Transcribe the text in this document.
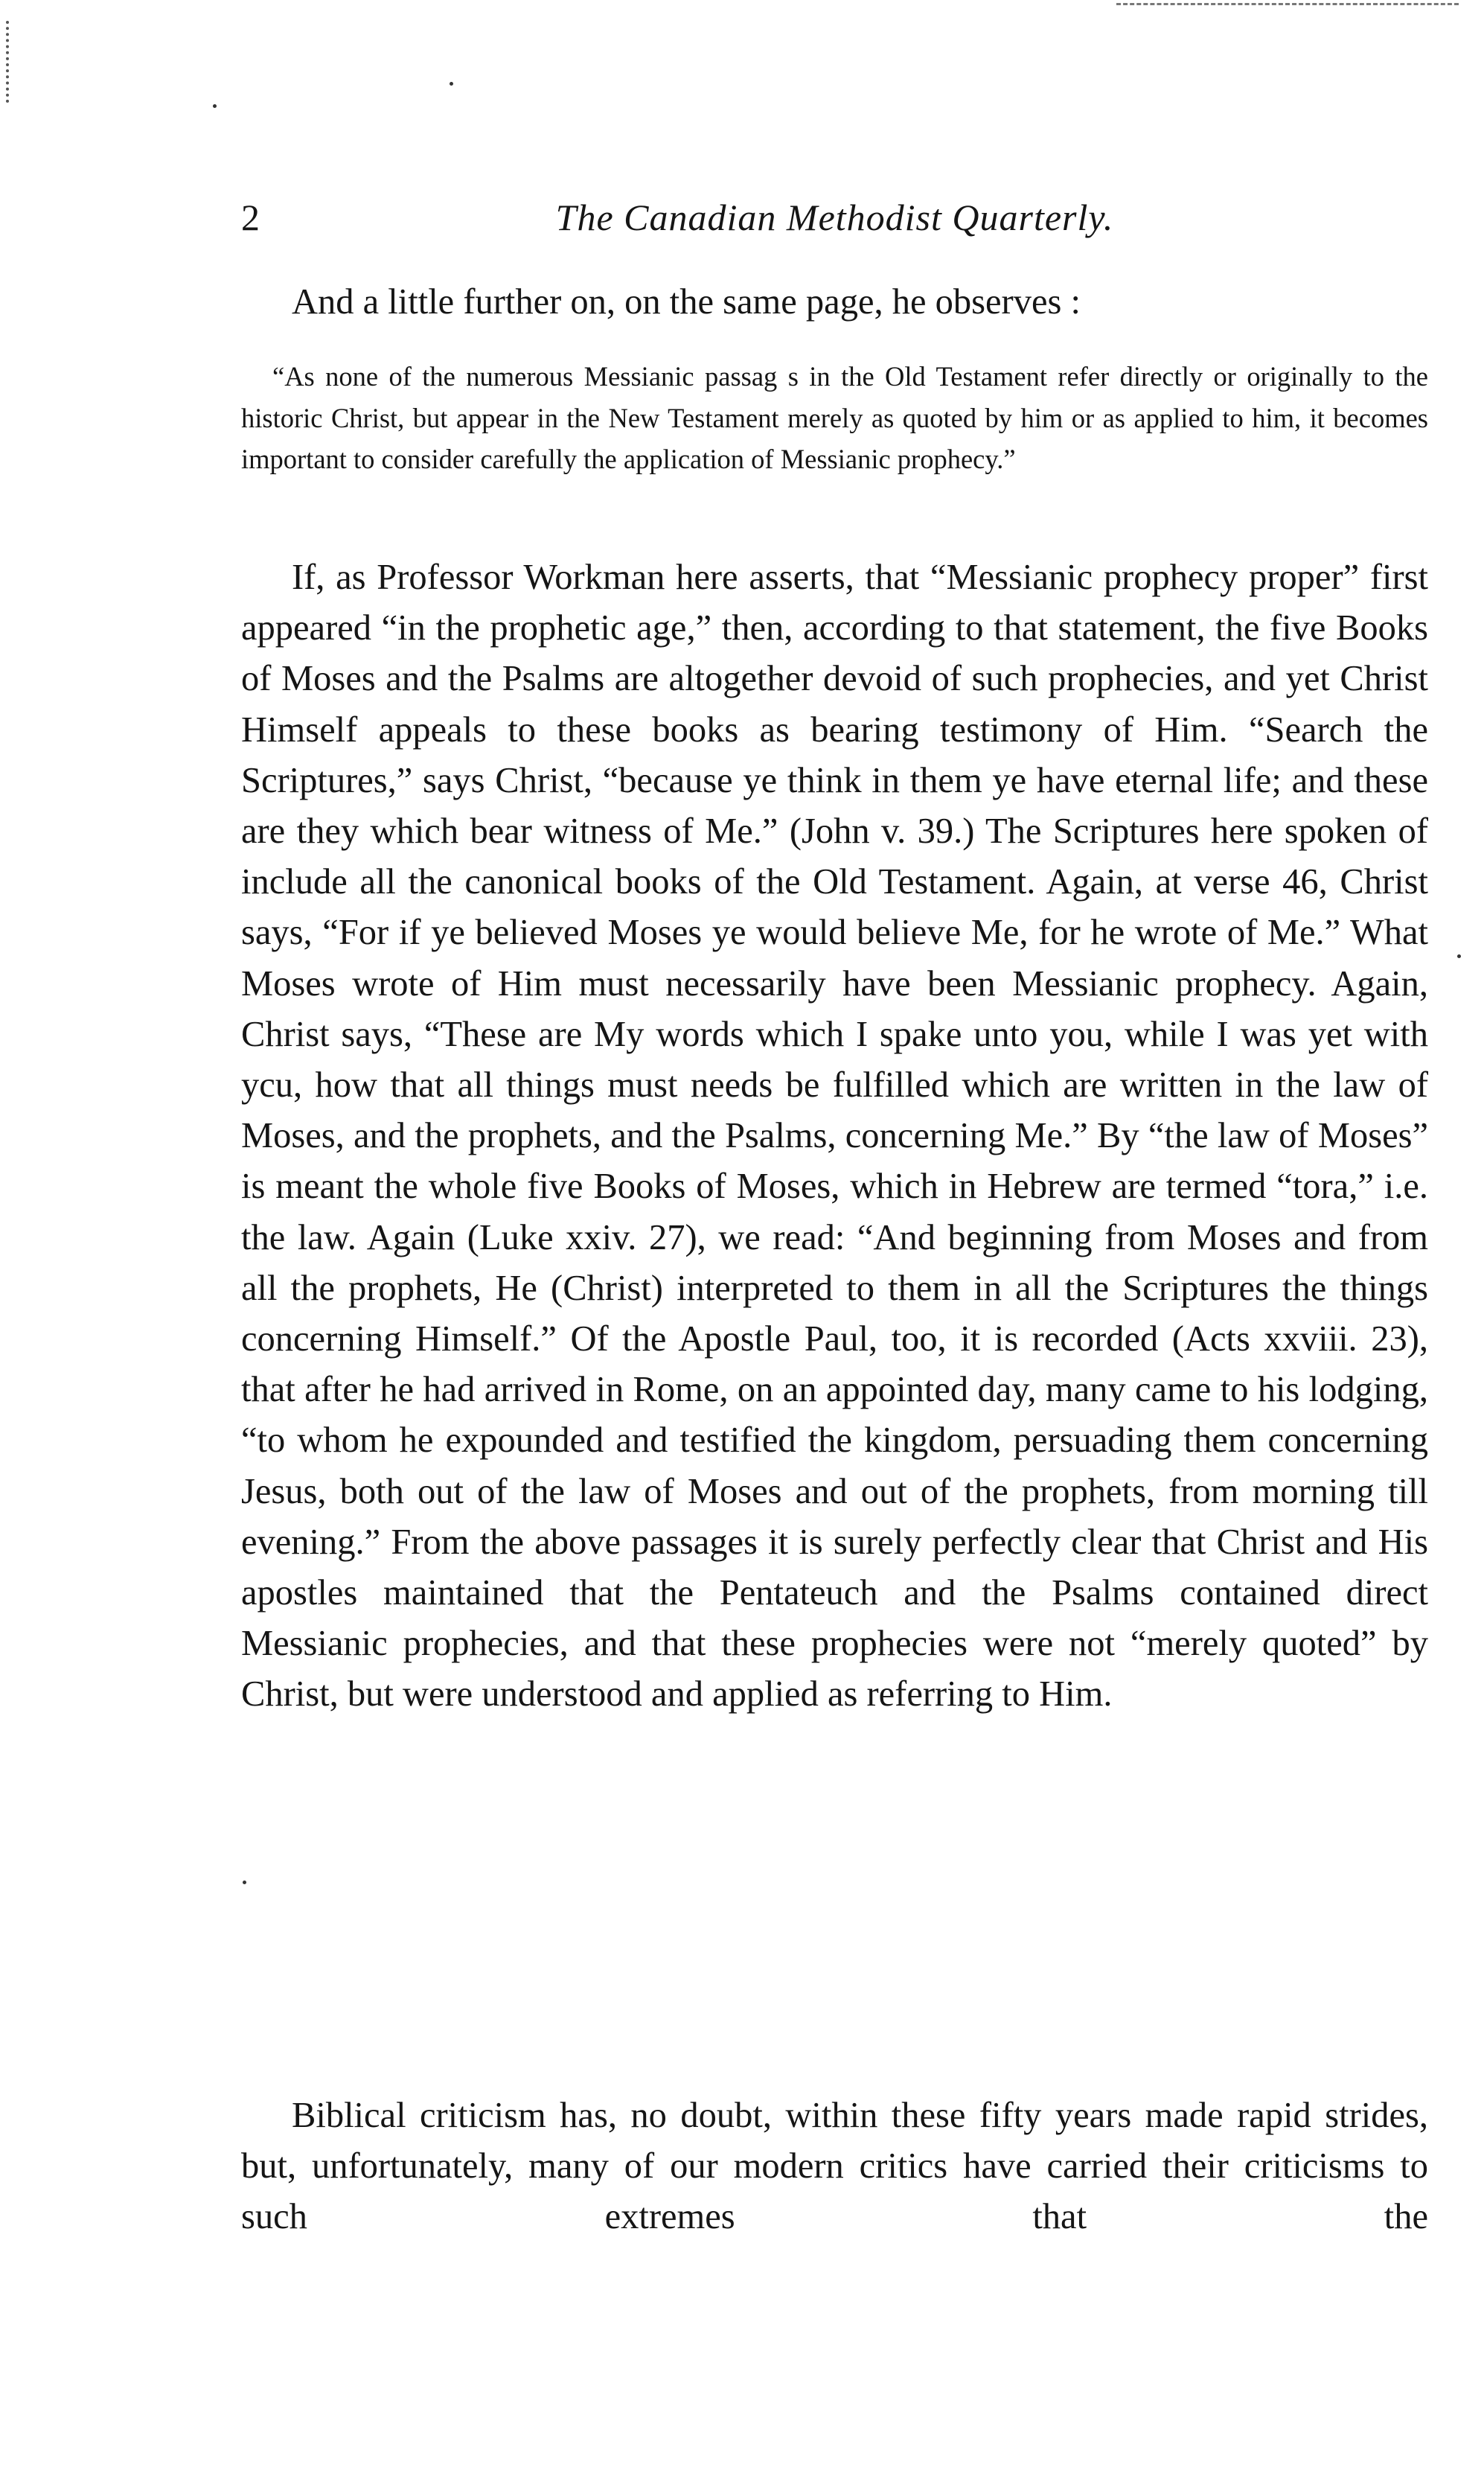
2	The Canadian Methodist Quarterly.

And a little further on, on the same page, he observes :

“As none of the numerous Messianic passag s in the Old Testament refer directly or originally to the historic Christ, but appear in the New Testament merely as quoted by him or as applied to him, it becomes important to consider carefully the application of Messianic prophecy.”

If, as Professor Workman here asserts, that “Messianic prophecy proper” first appeared “in the prophetic age,” then, according to that statement, the five Books of Moses and the Psalms are altogether devoid of such prophecies, and yet Christ Himself appeals to these books as bearing testimony of Him. “Search the Scriptures,” says Christ, “because ye think in them ye have eternal life; and these are they which bear witness of Me.” (John v. 39.) The Scriptures here spoken of include all the canonical books of the Old Testament. Again, at verse 46, Christ says, “For if ye believed Moses ye would believe Me, for he wrote of Me.” What Moses wrote of Him must necessarily have been Messianic prophecy. Again, Christ says, “These are My words which I spake unto you, while I was yet with ycu, how that all things must needs be fulfilled which are written in the law of Moses, and the prophets, and the Psalms, concerning Me.” By “the law of Moses” is meant the whole five Books of Moses, which in Hebrew are termed “tora,” i.e. the law. Again (Luke xxiv. 27), we read: “And beginning from Moses and from all the prophets, He (Christ) interpreted to them in all the Scriptures the things concerning Himself.” Of the Apostle Paul, too, it is recorded (Acts xxviii. 23), that after he had arrived in Rome, on an appointed day, many came to his lodging, “to whom he expounded and testified the kingdom, persuading them concerning Jesus, both out of the law of Moses and out of the prophets, from morning till evening.” From the above passages it is surely perfectly clear that Christ and His apostles maintained that the Pentateuch and the Psalms contained direct Messianic prophecies, and that these prophecies were not “merely quoted” by Christ, but were understood and applied as referring to Him.

Biblical criticism has, no doubt, within these fifty years made rapid strides, but, unfortunately, many of our modern critics have carried their criticisms to such extremes that the
